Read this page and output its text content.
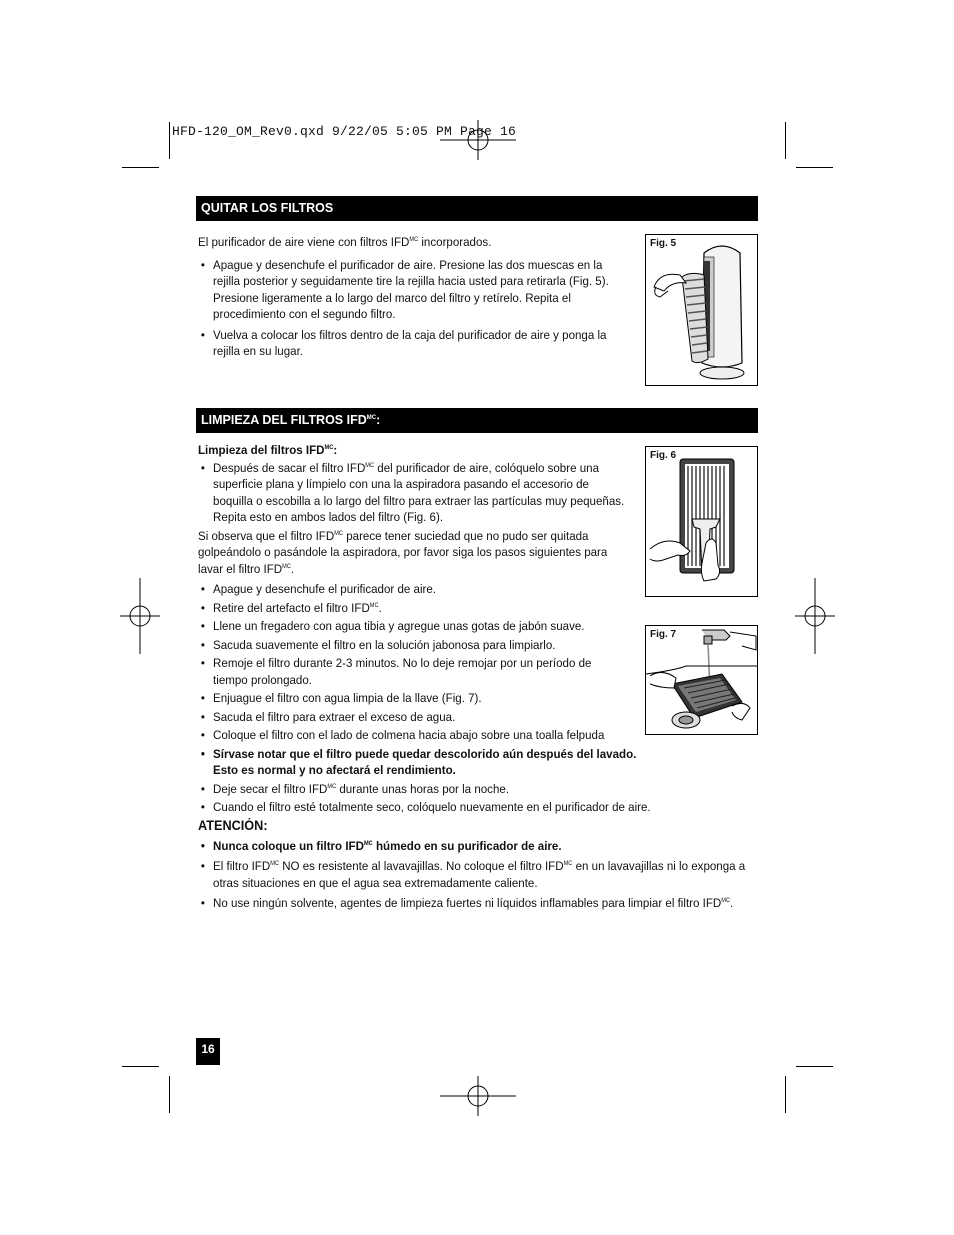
HFD-120_OM_Rev0.qxd 9/22/05 5:05 PM Page 16
QUITAR LOS FILTROS
El purificador de aire viene con filtros $IFD^{MC}$ incorporados.
• Apague y desenchufe el purificador de aire. Presione las dos muescas en la rejilla posterior y seguidamente tire la rejilla hacia usted para retirarla (Fig. 5). Presione ligeramente a lo largo del marco del filtro y retírelo. Repita el procedimiento con el segundo filtro.
• Vuelva a colocar los filtros dentro de la caja del purificador de aire y ponga la rejilla en su lugar.
Fig. 5
LIMPIEZA DEL FILTROS $IFD^{MC}$:
Limpieza del filtros $IFD^{MC}$:
• Después de sacar el filtro $IFD^{MC}$ del purificador de aire, colóquelo sobre una superficie plana y límpielo con una la aspiradora pasando el accesorio de boquilla o escobilla a lo largo del filtro para extraer las partículas muy pequeñas. Repita esto en ambos lados del filtro (Fig. 6).
Si observa que el filtro $IFD^{MC}$ parece tener suciedad que no pudo ser quitada golpeándolo o pasándole la aspiradora, por favor siga los pasos siguientes para lavar el filtro $IFD^{MC}$.
• Apague y desenchufe el purificador de aire.
• Retire del artefacto el filtro $IFD^{MC}$.
• Llene un fregadero con agua tibia y agregue unas gotas de jabón suave.
• Sacuda suavemente el filtro en la solución jabonosa para limpiarlo.
• Remoje el filtro durante 2-3 minutos. No lo deje remojar por un período de tiempo prolongado.
• Enjuague el filtro con agua limpia de la llave (Fig. 7).
• Sacuda el filtro para extraer el exceso de agua.
• Coloque el filtro con el lado de colmena hacia abajo sobre una toalla felpuda
• Sírvase notar que el filtro puede quedar descolorido aún después del lavado. Esto es normal y no afectará el rendimiento.
• Deje secar el filtro $IFD^{MC}$ durante unas horas por la noche.
• Cuando el filtro esté totalmente seco, colóquelo nuevamente en el purificador de aire.
Fig. 6
Fig. 7
ATENCIÓN:
• Nunca coloque un filtro $IFD^{MC}$ húmedo en su purificador de aire.
• El filtro $IFD^{MC}$ NO es resistente al lavavajillas. No coloque el filtro $IFD^{MC}$ en un lavavajillas ni lo exponga a otras situaciones en que el agua sea extremadamente caliente.
• No use ningún solvente, agentes de limpieza fuertes ni líquidos inflamables para limpiar el filtro $IFD^{MC}$.
16
